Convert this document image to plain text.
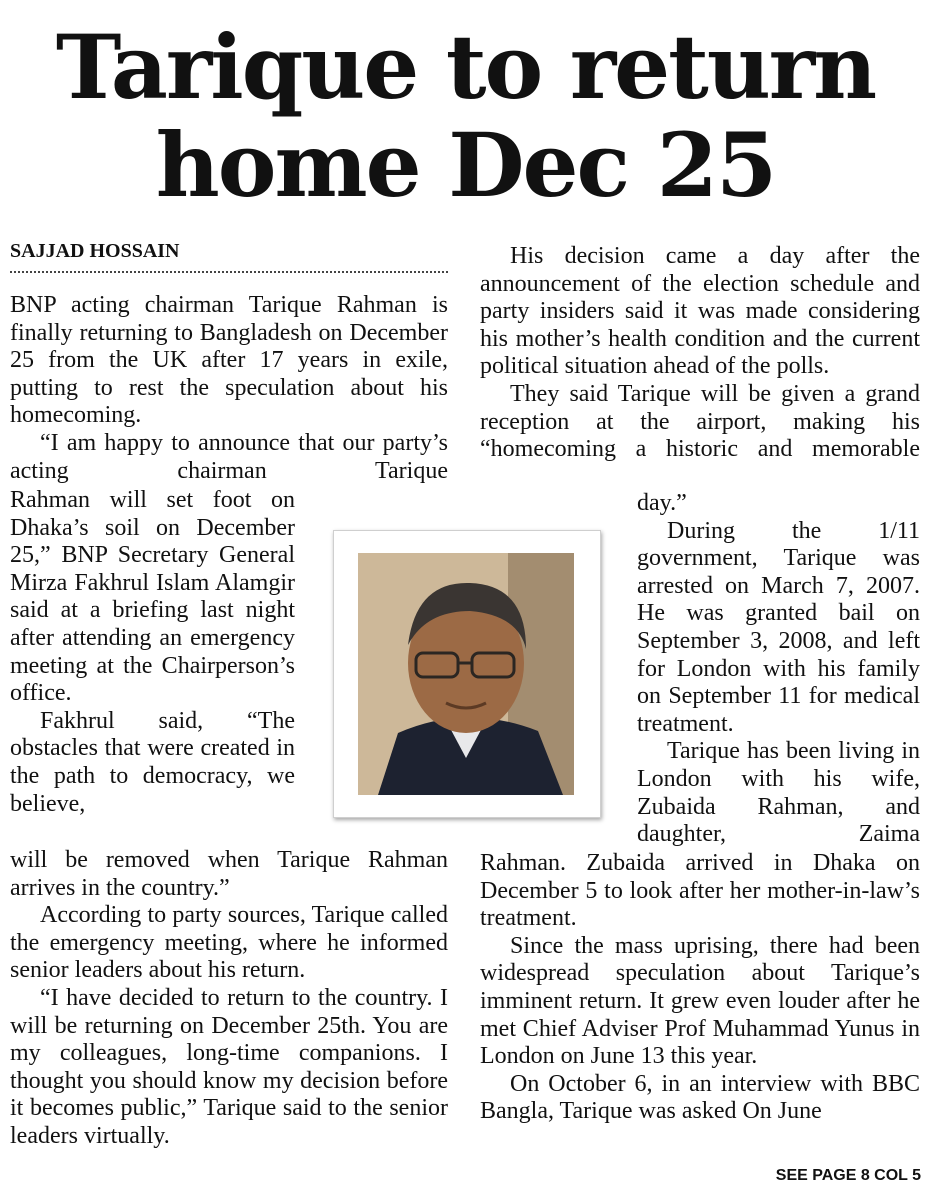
Tarique to return
home Dec 25
SAJJAD HOSSAIN

BNP acting chairman Tarique Rahman is finally returning to Bangladesh on December 25 from the UK after 17 years in exile, putting to rest the speculation about his homecoming.

“I am happy to announce that our party’s acting chairman Tarique

Rahman will set foot on Dhaka’s soil on December 25,” BNP Secretary General Mirza Fakhrul Islam Alamgir said at a briefing last night after attending an emergency meeting at the Chairperson’s office.

Fakhrul said, “The obstacles that were created in the path to democracy, we believe,

will be removed when Tarique Rahman arrives in the country.”

According to party sources, Tarique called the emergency meeting, where he informed senior leaders about his return.

“I have decided to return to the country. I will be returning on December 25th. You are my colleagues, long-time companions. I thought you should know my decision before it becomes public,” Tarique said to the senior leaders virtually.

His decision came a day after the announcement of the election schedule and party insiders said it was made considering his mother’s health condition and the current political situation ahead of the polls.

They said Tarique will be given a grand reception at the airport, making his “homecoming a historic and memorable

day.”

During the 1/11 government, Tarique was arrested on March 7, 2007. He was granted bail on September 3, 2008, and left for London with his family on September 11 for medical treatment.

Tarique has been living in London with his wife, Zubaida Rahman, and daughter, Zaima

Rahman. Zubaida arrived in Dhaka on December 5 to look after her mother-in-law’s treatment.

Since the mass uprising, there had been widespread speculation about Tarique’s imminent return. It grew even louder after he met Chief Adviser Prof Muhammad Yunus in London on June 13 this year.

On October 6, in an interview with BBC Bangla, Tarique was asked On June

SEE PAGE 8 COL 5
